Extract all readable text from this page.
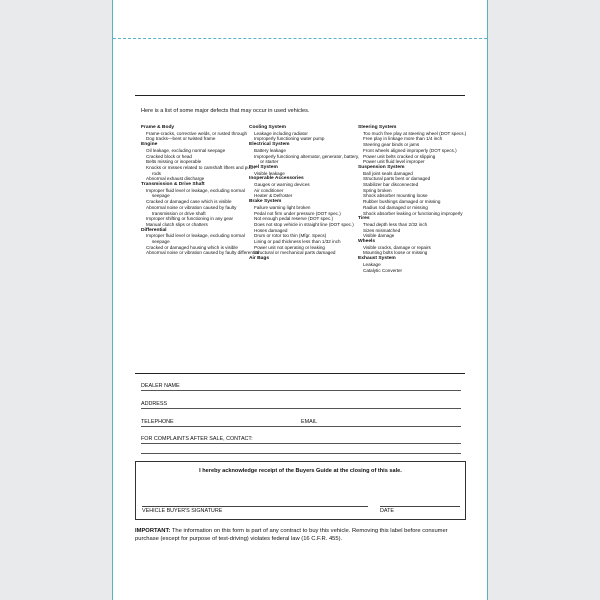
Here is a list of some major defects that may occur in used vehicles.
Frame & Body
Frame-cracks, corrective welds, or rusted through
Dog tracks—bent or twisted frame
Engine
Oil leakage, excluding normal seepage
Cracked block or head
Belts missing or inoperable
Knocks or misses related to camshaft lifters and push rods
Abnormal exhaust discharge
Transmission & Drive Shaft
Improper fluid level or leakage, excluding normal seepage
Cracked or damaged case which is visible
Abnormal noise or vibration caused by faulty transmission or drive shaft
Improper shifting or functioning in any gear
Manual clutch slips or chatters
Differential
Improper fluid level or leakage, excluding normal seepage
Cracked or damaged housing which is visible
Abnormal noise or vibration caused by faulty differential
Cooling System
Leakage including radiator
Improperly functioning water pump
Electrical System
Battery leakage
Improperly functioning alternator, generator, battery, or starter
Fuel System
Visible leakage
Inoperable Accessories
Gauges or warning devices
Air conditioner
Heater & Defroster
Brake System
Failure warning light broken
Pedal not firm under pressure (DOT spec.)
Not enough pedal reserve (DOT spec.)
Does not stop vehicle in straight line (DOT spec.)
Hoses damaged
Drum or rotor too thin (Mfgr. Specs)
Lining or pad thickness less than 1/32 inch
Power unit not operating or leaking
Structural or mechanical parts damaged
Air Bags
Steering System
Too much free play at steering wheel (DOT specs.)
Free play in linkage more than 1/4 inch
Steering gear binds or jams
Front wheels aligned improperly (DOT specs.)
Power unit belts cracked or slipping
Power unit fluid level improper
Suspension System
Ball joint seals damaged
Structural parts bent or damaged
Stabilizer bar disconnected
Spring broken
Shock absorber mounting loose
Rubber bushings damaged or missing
Radius rod damaged or missing
Shock absorber leaking or functioning improperly
Tires
Tread depth less than 2/32 inch
Sizes mismatched
Visible damage
Wheels
Visible cracks, damage or repairs
Mounting bolts loose or missing
Exhaust System
Leakage
Catalytic Converter
DEALER NAME
ADDRESS
TELEPHONE	EMAIL
FOR COMPLAINTS AFTER SALE, CONTACT:
I hereby acknowledge receipt of the Buyers Guide at the closing of this sale.
VEHICLE BUYER'S SIGNATURE	DATE
IMPORTANT: The information on this form is part of any contract to buy this vehicle. Removing this label before consumer purchase (except for purpose of test-driving) violates federal law (16 C.F.R. 455).
